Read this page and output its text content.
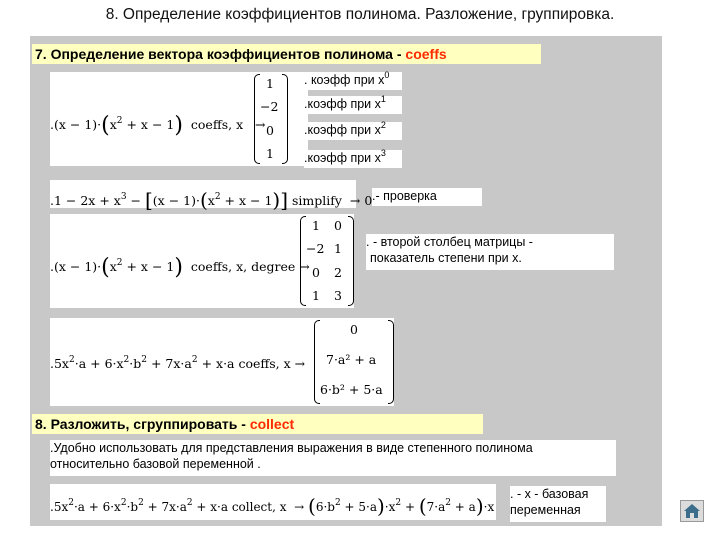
8. Определение коэффициентов полинома. Разложение, группировка.
7. Определение вектора коэффициентов полинома - coeffs
$.(x - 1)\cdot(x^2 + x - 1)$  coeffs, x   →
1
−2
0
1
. коэфф при $x^0$
.коэфф при $x^1$
.коэфф при $x^2$
.коэфф при $x^3$
$.1 - 2x + x^3 - [(x - 1)\cdot(x^2 + x - 1)]$ simplify → 0 .- проверка
$.(x - 1)\cdot(x^2 + x - 1)$ coeffs, x, degree →
1
−2
0
1
0
1
2
3
. - второй столбец матрицы -
показатель степени при x.
$.5x^2\cdot a + 6\cdot x^2\cdot b^2 + 7x\cdot a^2 + x\cdot a$ coeffs, x →
0
7·a² + a
6·b² + 5·a
8. Разложить, сгруппировать - collect
.Удобно использовать для представления выражения в виде степенного полинома
относительно базовой переменной .
$.5x^2\cdot a + 6\cdot x^2\cdot b^2 + 7x\cdot a^2 + x\cdot a$ collect, $x \to (6\cdot b^2 + 5\cdot a)\cdot x^2 + (7\cdot a^2 + a)\cdot x$
. - x - базовая
переменная
